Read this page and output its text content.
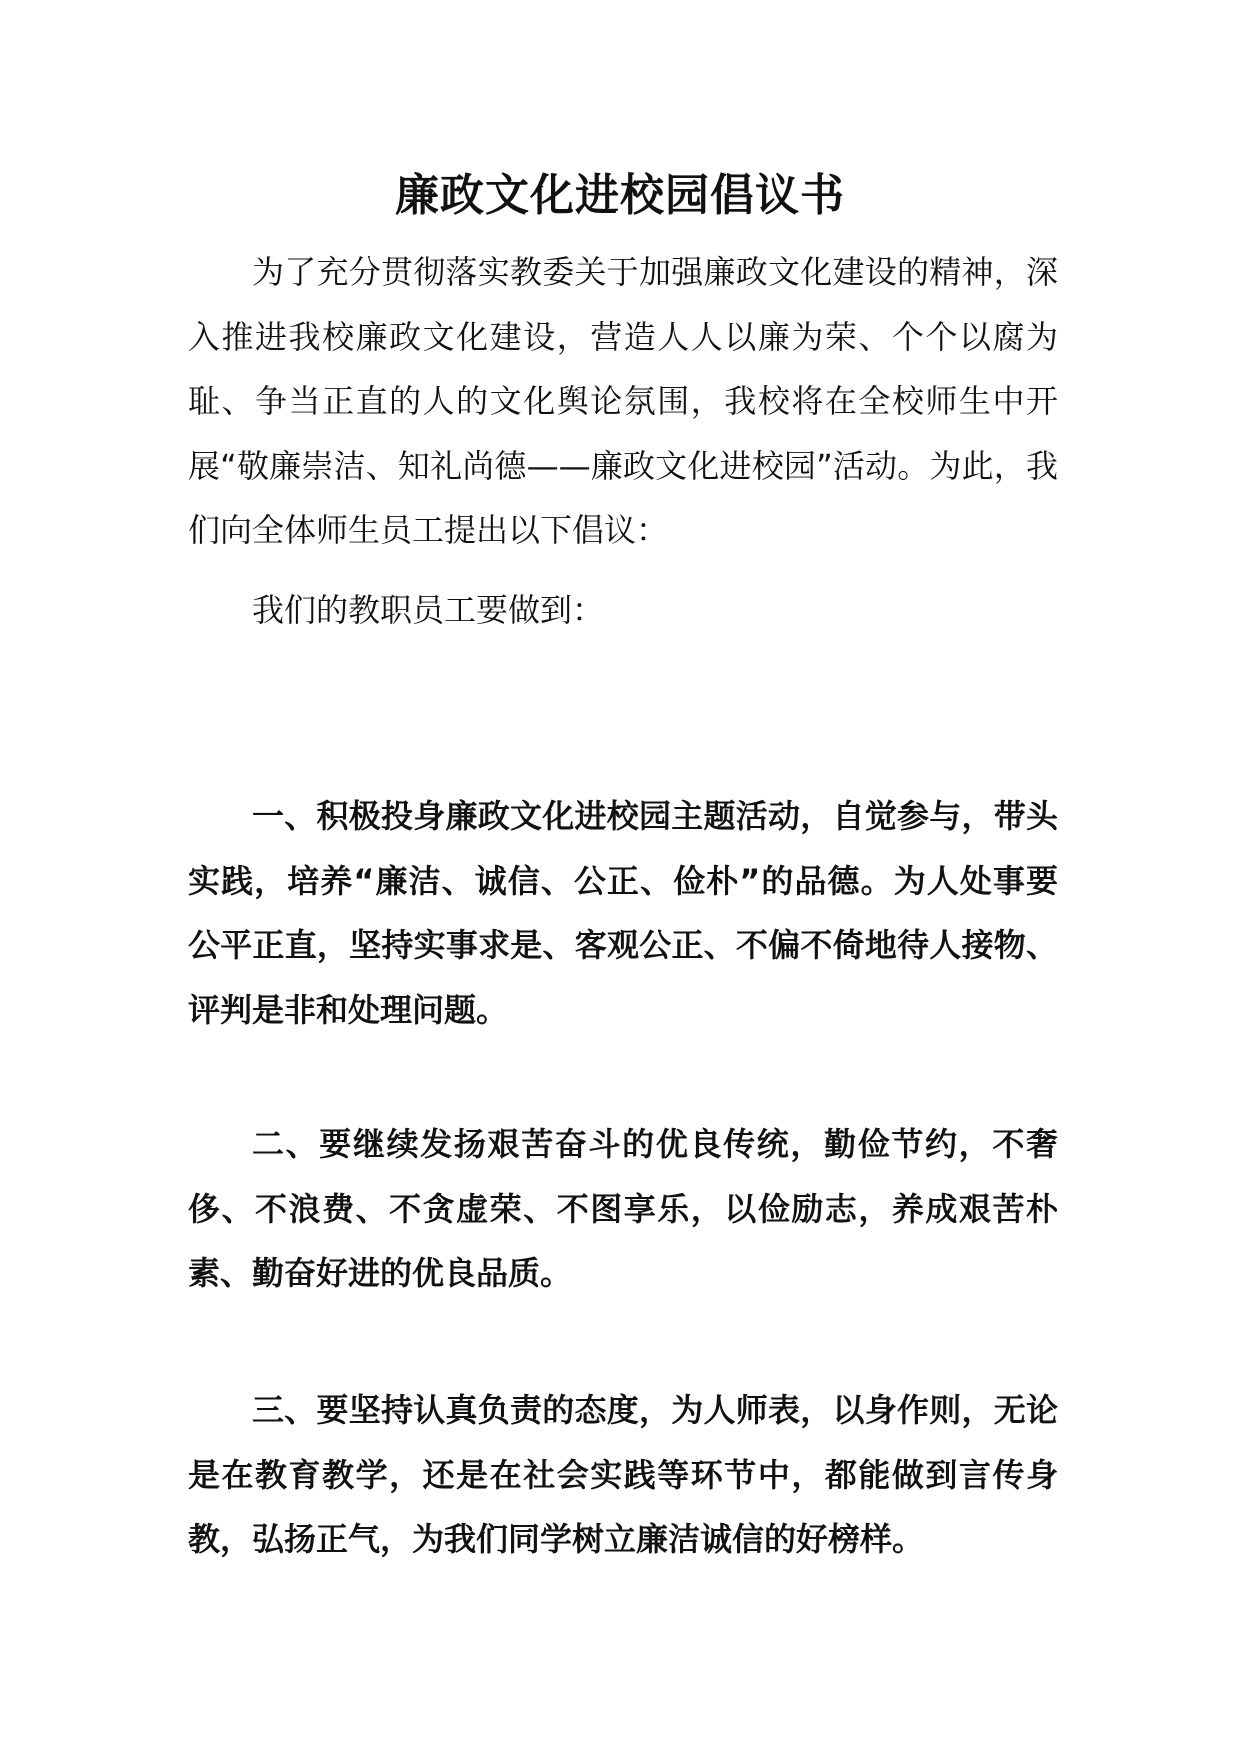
廉政文化进校园倡议书

为了充分贯彻落实教委关于加强廉政文化建设的精神，深入推进我校廉政文化建设，营造人人以廉为荣、个个以腐为耻、争当正直的人的文化舆论氛围，我校将在全校师生中开展“敬廉崇洁、知礼尚德——廉政文化进校园”活动。为此，我们向全体师生员工提出以下倡议：

我们的教职员工要做到：

一、积极投身廉政文化进校园主题活动，自觉参与，带头实践，培养“廉洁、诚信、公正、俭朴”的品德。为人处事要公平正直，坚持实事求是、客观公正、不偏不倚地待人接物、评判是非和处理问题。

二、要继续发扬艰苦奋斗的优良传统，勤俭节约，不奢侈、不浪费、不贪虚荣、不图享乐，以俭励志，养成艰苦朴素、勤奋好进的优良品质。

三、要坚持认真负责的态度，为人师表，以身作则，无论是在教育教学，还是在社会实践等环节中，都能做到言传身教，弘扬正气，为我们同学树立廉洁诚信的好榜样。
